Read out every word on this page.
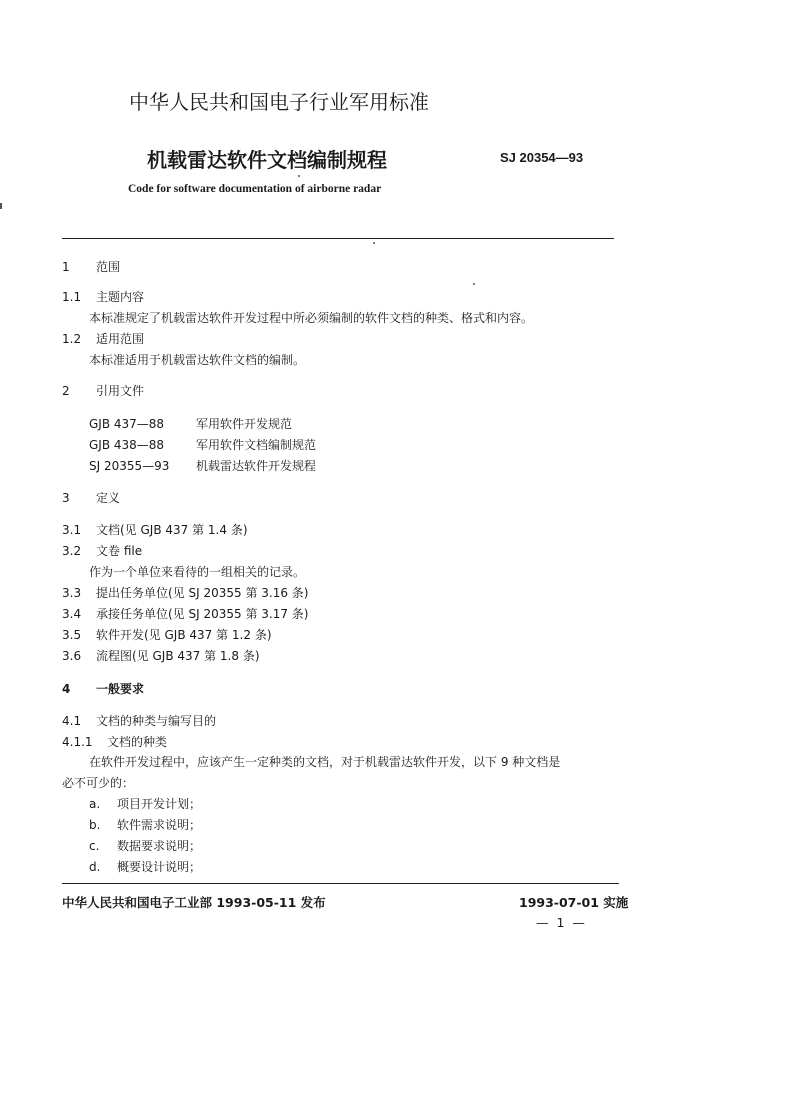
中华人民共和国电子行业军用标准
机载雷达软件文档编制规程	SJ 20354—93
Code for software documentation of airborne radar
1 范围
1.1 主题内容
本标准规定了机载雷达软件开发过程中所必须编制的软件文档的种类、格式和内容。
1.2 适用范围
本标准适用于机载雷达软件文档的编制。
2 引用文件
GJB 437—88	军用软件开发规范
GJB 438—88	军用软件文档编制规范
SJ 20355—93 机载雷达软件开发规程
3 定义
3.1 文档(见 GJB 437 第 1.4 条)
3.2 文卷 file
作为一个单位来看待的一组相关的记录。
3.3 提出任务单位(见 SJ 20355 第 3.16 条)
3.4 承接任务单位(见 SJ 20355 第 3.17 条)
3.5 软件开发(见 GJB 437 第 1.2 条)
3.6 流程图(见 GJB 437 第 1.8 条)
4 一般要求
4.1 文档的种类与编写目的
4.1.1 文档的种类
在软件开发过程中，应该产生一定种类的文档，对于机载雷达软件开发，以下 9 种文档是
必不可少的：
a. 项目开发计划；
b. 软件需求说明；
c. 数据要求说明；
d. 概要设计说明；
中华人民共和国电子工业部 1993-05-11 发布	1993-07-01 实施
— 1 —
